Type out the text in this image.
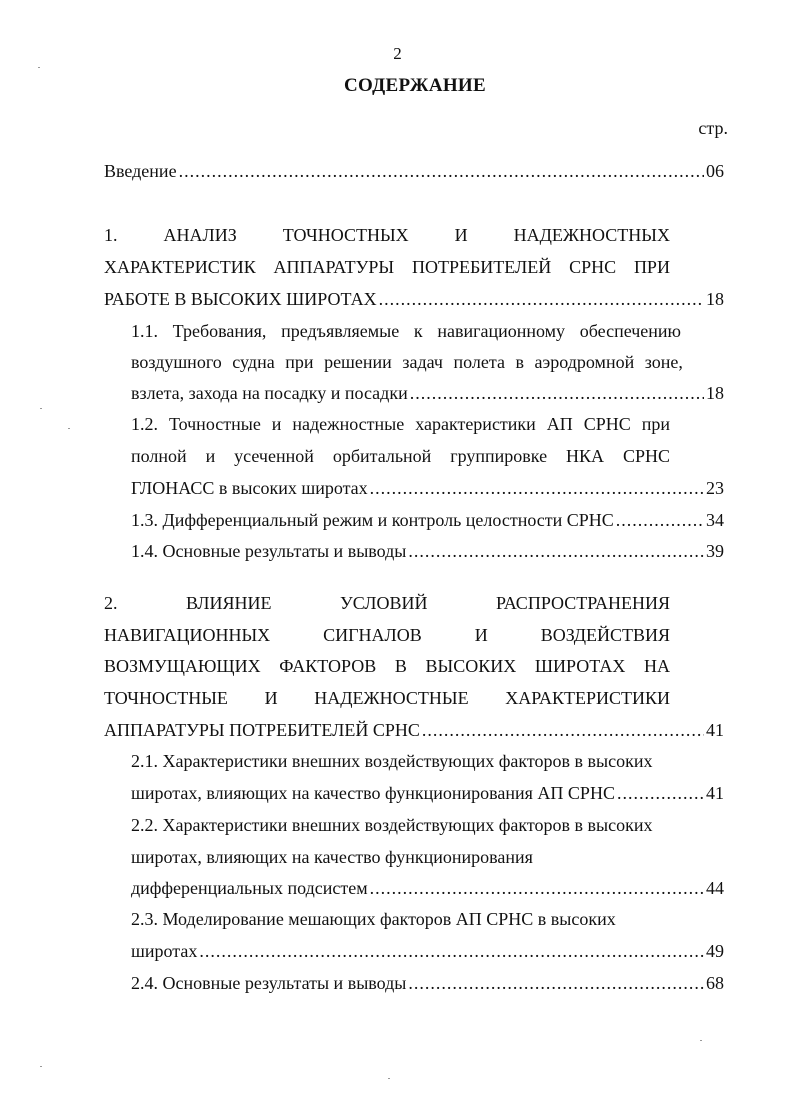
2
СОДЕРЖАНИЕ
стр.
Введение .....	06
1.	АНАЛИЗ	ТОЧНОСТНЫХ	И	НАДЕЖНОСТНЫХ
ХАРАКТЕРИСТИК АППАРАТУРЫ ПОТРЕБИТЕЛЕЙ СРНС ПРИ
РАБОТЕ В ВЫСОКИХ ШИРОТАХ .....	18
1.1. Требования, предъявляемые к навигационному обеспечению
воздушного судна при решении задач полета в аэродромной зоне,
взлета, захода на посадку и посадки .....	18
1.2. Точностные и надежностные характеристики АП СРНС при
полной и усеченной орбитальной группировке НКА СРНС
ГЛОНАСС в высоких широтах .....	23
1.3. Дифференциальный режим и контроль целостности СРНС .....	34
1.4. Основные результаты и выводы .....	39
2.	ВЛИЯНИЕ	УСЛОВИЙ	РАСПРОСТРАНЕНИЯ
НАВИГАЦИОННЫХ	СИГНАЛОВ	И	ВОЗДЕЙСТВИЯ
ВОЗМУЩАЮЩИХ ФАКТОРОВ В ВЫСОКИХ ШИРОТАХ НА
ТОЧНОСТНЫЕ И НАДЕЖНОСТНЫЕ ХАРАКТЕРИСТИКИ
АППАРАТУРЫ ПОТРЕБИТЕЛЕЙ СРНС .....	41
2.1. Характеристики внешних воздействующих факторов в высоких
широтах, влияющих на качество функционирования АП СРНС .....	41
2.2. Характеристики внешних воздействующих факторов в высоких
широтах, влияющих на качество функционирования
дифференциальных подсистем .....	44
2.3. Моделирование мешающих факторов АП СРНС в высоких
широтах .....	49
2.4. Основные результаты и выводы .....	68
